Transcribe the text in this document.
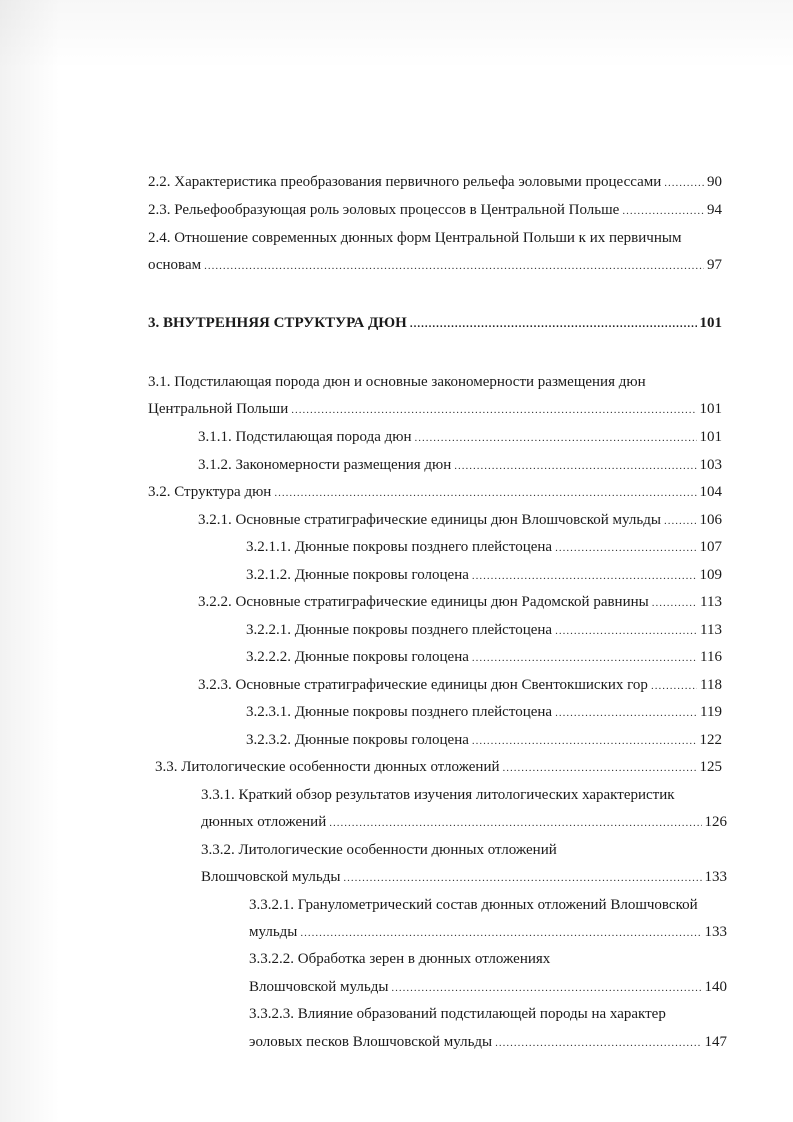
2.2. Характеристика преобразования первичного рельефа эоловыми процессами .....	90
2.3. Рельефообразующая роль эоловых процессов в Центральной Польше .....	94
2.4. Отношение современных дюнных форм Центральной Польши к их первичным
основам .....	97
3. ВНУТРЕННЯЯ СТРУКТУРА ДЮН .....	101
3.1. Подстилающая порода дюн и основные закономерности размещения дюн
Центральной Польши .....	101
3.1.1. Подстилающая порода дюн .....	101
3.1.2. Закономерности размещения дюн .....	103
3.2. Структура дюн .....	104
3.2.1. Основные стратиграфические единицы дюн Влошчовской мульды .....	106
3.2.1.1. Дюнные покровы позднего плейстоцена .....	107
3.2.1.2. Дюнные покровы голоцена .....	109
3.2.2. Основные стратиграфические единицы дюн Радомской равнины .....	113
3.2.2.1. Дюнные покровы позднего плейстоцена .....	113
3.2.2.2. Дюнные покровы голоцена .....	116
3.2.3. Основные стратиграфические единицы дюн Свентокшиских гор .....	118
3.2.3.1. Дюнные покровы позднего плейстоцена .....	119
3.2.3.2. Дюнные покровы голоцена .....	122
3.3. Литологические особенности дюнных отложений .....	125
3.3.1. Краткий обзор результатов изучения литологических характеристик
дюнных отложений .....	126
3.3.2. Литологические особенности дюнных отложений
Влошчовской мульды .....	133
3.3.2.1. Гранулометрический состав дюнных отложений Влошчовской
мульды .....	133
3.3.2.2. Обработка зерен в дюнных отложениях
Влошчовской мульды .....	140
3.3.2.3. Влияние образований подстилающей породы на характер
эоловых песков Влошчовской мульды .....	147
